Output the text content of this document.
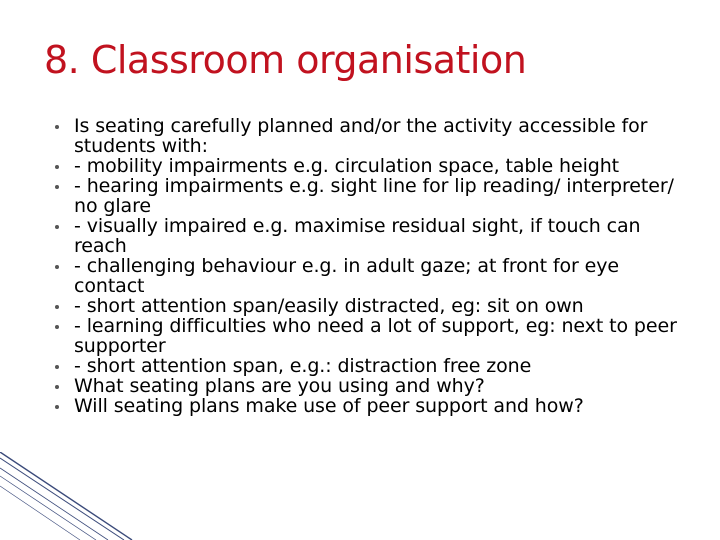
8. Classroom organisation
Is seating carefully planned and/or the activity accessible for students with:
- mobility impairments e.g. circulation space, table height
- hearing impairments e.g. sight line for lip reading/ interpreter/ no glare
- visually impaired e.g. maximise residual sight, if touch can reach
- challenging behaviour e.g. in adult gaze; at front for eye contact
- short attention span/easily distracted, eg: sit on own
- learning difficulties who need a lot of support, eg: next to peer supporter
- short attention span, e.g.: distraction free zone
What seating plans are you using and why?
Will seating plans make use of peer support and how?
